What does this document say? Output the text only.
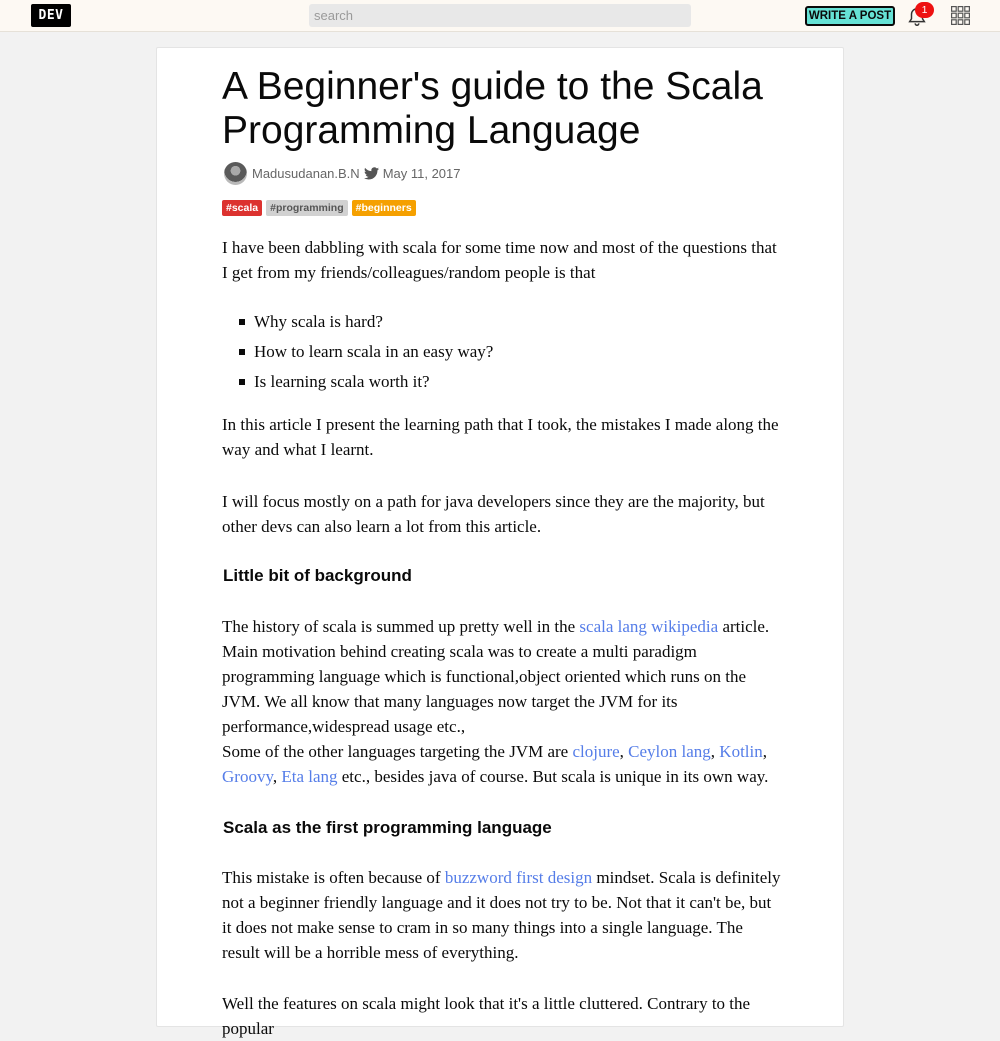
DEV
search	WRITE A POST	1
A Beginner's guide to the Scala Programming Language
Madusudanan.B.N May 11, 2017
#scala	#programming	#beginners

I have been dabbling with scala for some time now and most of the questions that I get from my friends/colleagues/random people is that

Why scala is hard?
How to learn scala in an easy way?
Is learning scala worth it?

In this article I present the learning path that I took, the mistakes I made along the way and what I learnt.

I will focus mostly on a path for java developers since they are the majority, but other devs can also learn a lot from this article.

Little bit of background

The history of scala is summed up pretty well in the scala lang wikipedia article. Main motivation behind creating scala was to create a multi paradigm programming language which is functional,object oriented which runs on the JVM. We all know that many languages now target the JVM for its performance,widespread usage etc.,

Some of the other languages targeting the JVM are clojure, Ceylon lang, Kotlin, Groovy, Eta lang etc., besides java of course. But scala is unique in its own way.

Scala as the first programming language

This mistake is often because of buzzword first design mindset. Scala is definitely not a beginner friendly language and it does not try to be. Not that it can't be, but it does not make sense to cram in so many things into a single language. The result will be a horrible mess of everything.

Well the features on scala might look that it's a little cluttered. Contrary to the popular
